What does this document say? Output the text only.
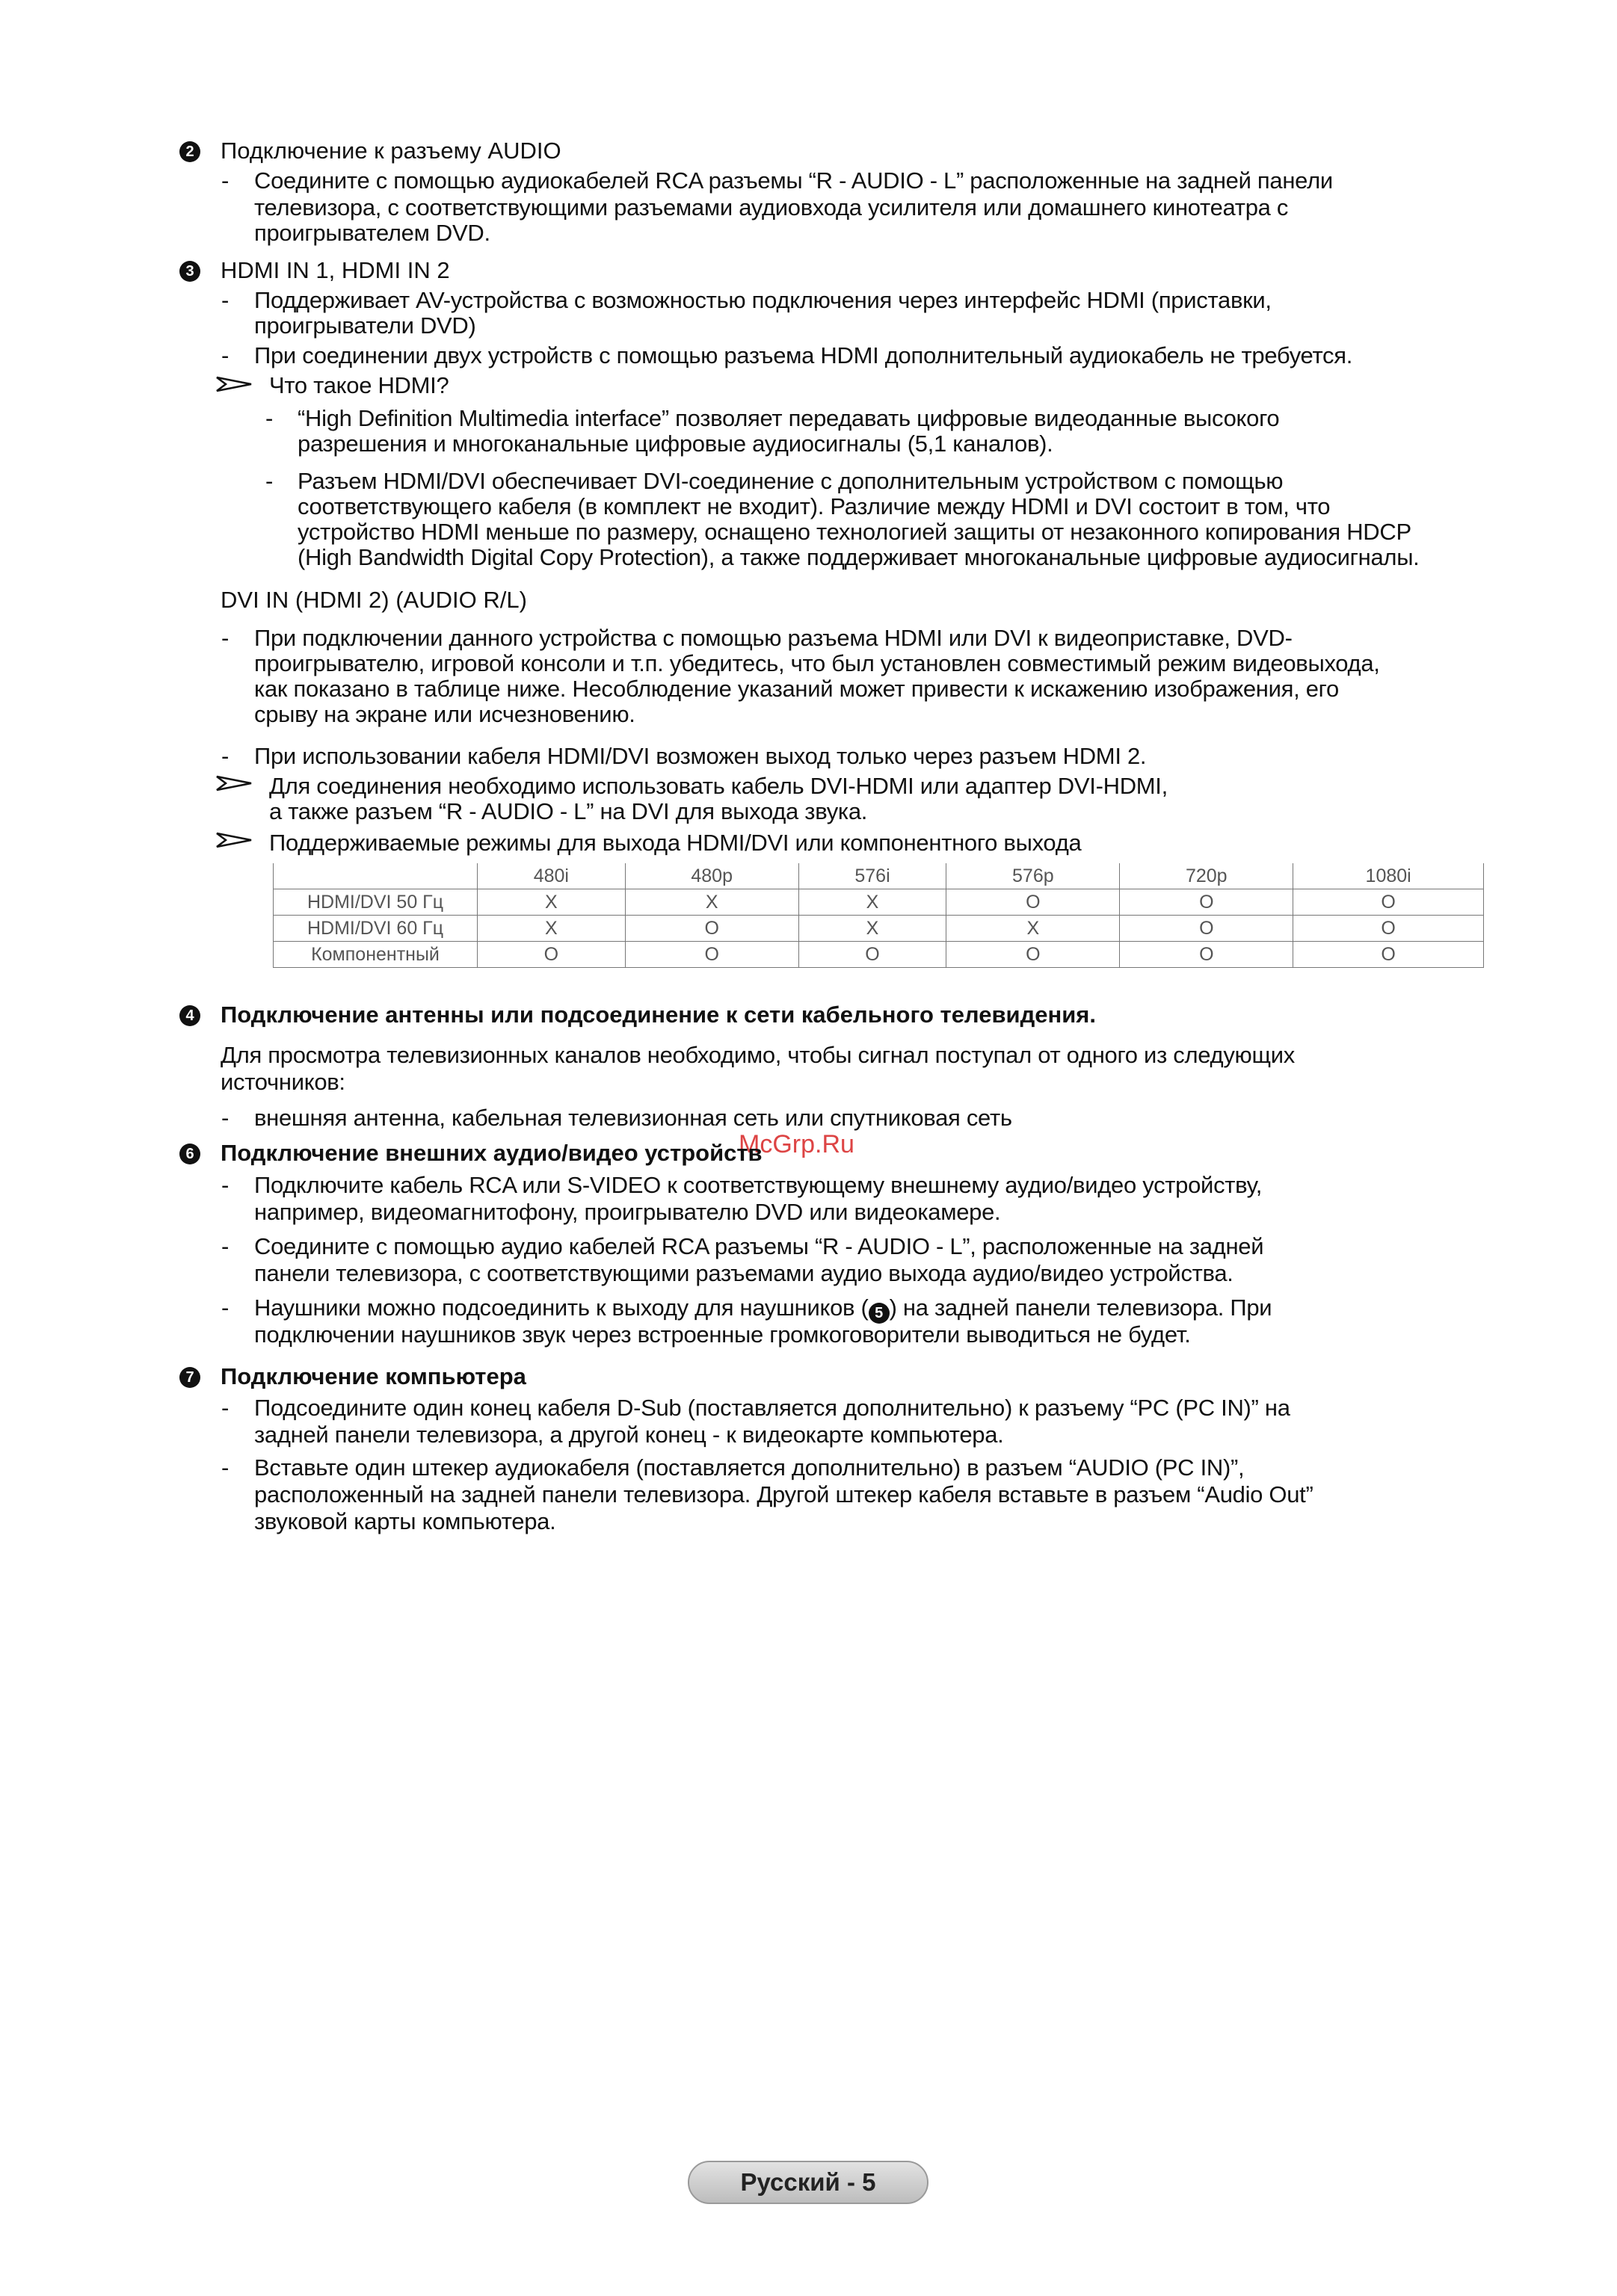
2 Подключение к разъему AUDIO
- Соедините с помощью аудиокабелей RCA разъемы “R - AUDIO - L” расположенные на задней панели
телевизора, с соответствующими разъемами аудиовхода усилителя или домашнего кинотеатра с
проигрывателем DVD.
3 HDMI IN 1, HDMI IN 2
- Поддерживает AV-устройства с возможностью подключения через интерфейс HDMI (приставки,
проигрыватели DVD)
- При соединении двух устройств с помощью разъема HDMI дополнительный аудиокабель не требуется.
Что такое HDMI?
- “High Definition Multimedia interface” позволяет передавать цифровые видеоданные высокого
разрешения и многоканальные цифровые аудиосигналы (5,1 каналов).
- Разъем HDMI/DVI обеспечивает DVI-соединение с дополнительным устройством с помощью
соответствующего кабеля (в комплект не входит). Различие между HDMI и DVI состоит в том, что
устройство HDMI меньше по размеру, оснащено технологией защиты от незаконного копирования HDCP
(High Bandwidth Digital Copy Protection), а также поддерживает многоканальные цифровые аудиосигналы.
DVI IN (HDMI 2) (AUDIO R/L)
- При подключении данного устройства с помощью разъема HDMI или DVI к видеоприставке, DVD-
проигрывателю, игровой консоли и т.п. убедитесь, что был установлен совместимый режим видеовыхода,
как показано в таблице ниже. Несоблюдение указаний может привести к искажению изображения, его
срыву на экране или исчезновению.
- При использовании кабеля HDMI/DVI возможен выход только через разъем HDMI 2.
Для соединения необходимо использовать кабель DVI-HDMI или адаптер DVI-HDMI,
а также разъем “R - AUDIO - L” на DVI для выхода звука.
Поддерживаемые режимы для выхода HDMI/DVI или компонентного выхода
	480i	480p	576i	576p	720p	1080i
HDMI/DVI 50 Гц	X	X	X	O	O	O
HDMI/DVI 60 Гц	X	O	X	X	O	O
Компонентный	O	O	O	O	O	O
4 Подключение антенны или подсоединение к сети кабельного телевидения.
Для просмотра телевизионных каналов необходимо, чтобы сигнал поступал от одного из следующих
источников:
- внешняя антенна, кабельная телевизионная сеть или спутниковая сеть
McGrp.Ru
6 Подключение внешних аудио/видео устройств
- Подключите кабель RCA или S-VIDEO к соответствующему внешнему аудио/видео устройству,
например, видеомагнитофону, проигрывателю DVD или видеокамере.
- Соедините с помощью аудио кабелей RCA разъемы “R - AUDIO - L”, расположенные на задней
панели телевизора, с соответствующими разъемами аудио выхода аудио/видео устройства.
- Наушники можно подсоединить к выходу для наушников ( 5 ) на задней панели телевизора. При
подключении наушников звук через встроенные громкоговорители выводиться не будет.
7 Подключение компьютера
- Подсоедините один конец кабеля D-Sub (поставляется дополнительно) к разъему “PC (PC IN)” на
задней панели телевизора, а другой конец - к видеокарте компьютера.
- Вставьте один штекер аудиокабеля (поставляется дополнительно) в разъем “AUDIO (PC IN)”,
расположенный на задней панели телевизора. Другой штекер кабеля вставьте в разъем “Audio Out”
звуковой карты компьютера.
Русский - 5
